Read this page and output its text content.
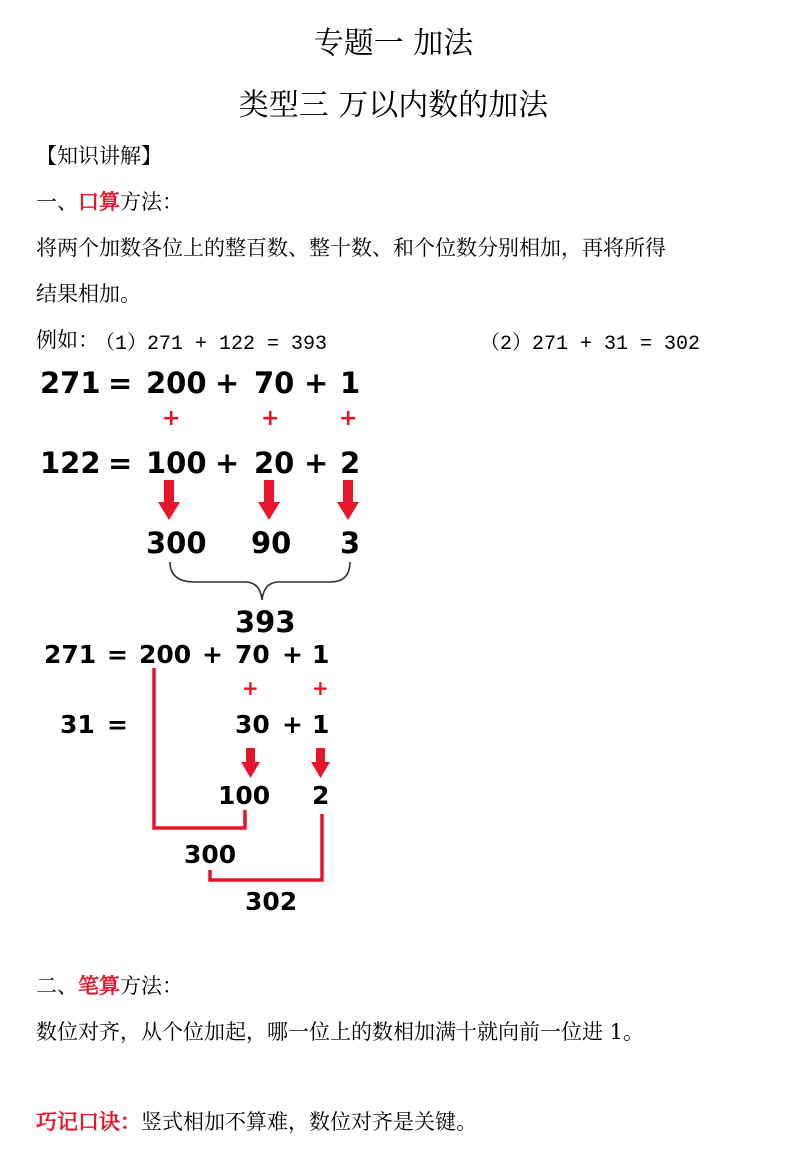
专题一 加法
类型三 万以内数的加法
【知识讲解】
一、口算方法：
将两个加数各位上的整百数、整十数、和个位数分别相加，再将所得
结果相加。
例如：
（1）271 + 122 = 393	（2）271 + 31 = 302
271 = 200 + 70 + 1
+	+	+
122 = 100 + 20 + 2
300 90 3
393
271 = 200 + 70 + 1
+	+
31 =	30 + 1
100 2
300
302
二、笔算方法：
数位对齐，从个位加起，哪一位上的数相加满十就向前一位进 1。
巧记口诀：竖式相加不算难，数位对齐是关键。
